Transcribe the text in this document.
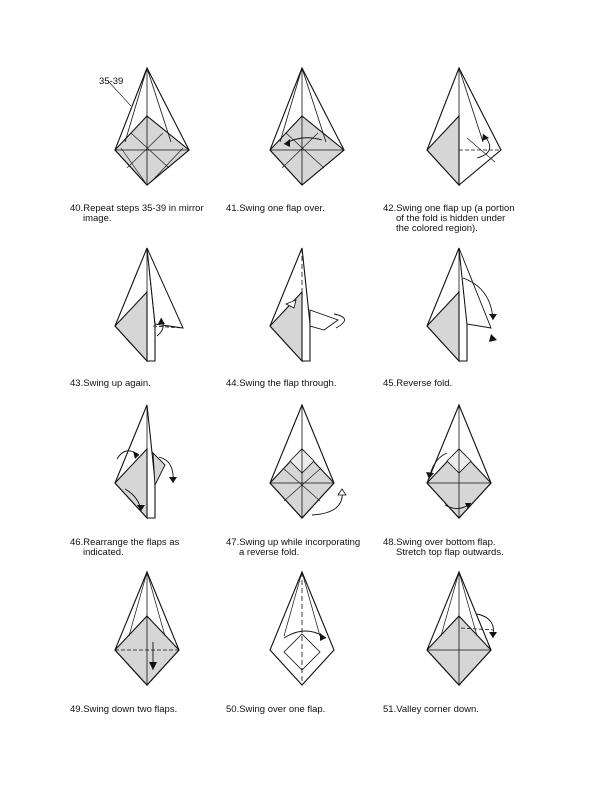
35-39
40.Repeat steps 35-39 in mirror
image.
41.Swing one flap over.	42.Swing one flap up (a portion
of the fold is hidden under
the colored region).
43.Swing up again.	44.Swing the flap through.	45.Reverse fold.
46.Rearrange the flaps as
indicated.
47.Swing up while incorporating
a reverse fold.
48.Swing over bottom flap.
Stretch top flap outwards.
49.Swing down two flaps.	50.Swing over one flap.	51.Valley corner down.
